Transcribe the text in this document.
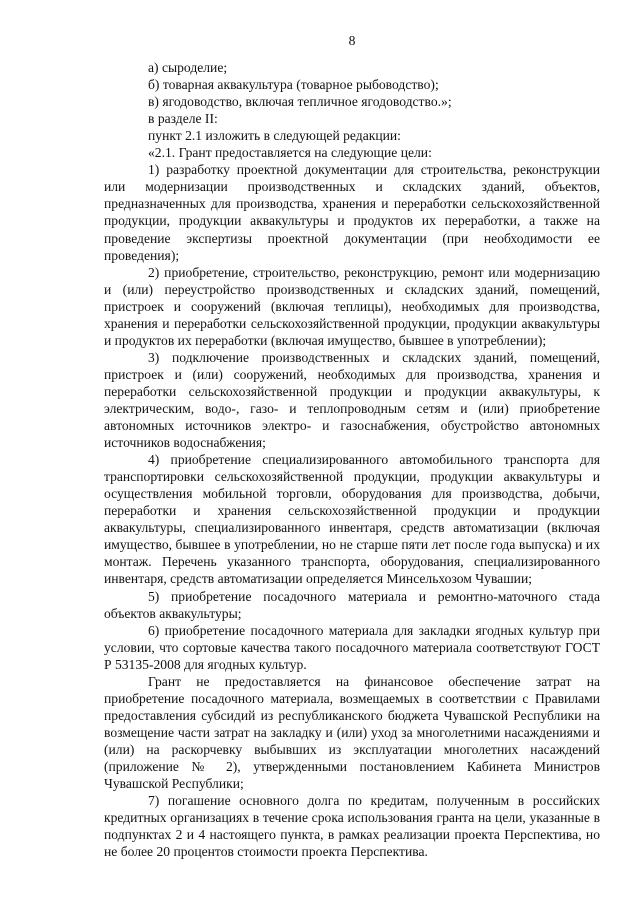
8

а) сыроделие;

б) товарная аквакультура (товарное рыбоводство);

в) ягодоводство, включая тепличное ягодоводство.»;

в разделе II:

пункт 2.1 изложить в следующей редакции:

«2.1. Грант предоставляется на следующие цели:

1) разработку проектной документации для строительства, реконструкции или модернизации производственных и складских зданий, объектов, предназначенных для производства, хранения и переработки сельскохозяйственной продукции, продукции аквакультуры и продуктов их переработки, а также на проведение экспертизы проектной документации (при необходимости ее проведения);

2) приобретение, строительство, реконструкцию, ремонт или модернизацию и (или) переустройство производственных и складских зданий, помещений, пристроек и сооружений (включая теплицы), необходимых для производства, хранения и переработки сельскохозяйственной продукции, продукции аквакультуры и продуктов их переработки (включая имущество, бывшее в употреблении);

3) подключение производственных и складских зданий, помещений, пристроек и (или) сооружений, необходимых для производства, хранения и переработки сельскохозяйственной продукции и продукции аквакультуры, к электрическим, водо-, газо- и теплопроводным сетям и (или) приобретение автономных источников электро- и газоснабжения, обустройство автономных источников водоснабжения;

4) приобретение специализированного автомобильного транспорта для транспортировки сельскохозяйственной продукции, продукции аквакультуры и осуществления мобильной торговли, оборудования для производства, добычи, переработки и хранения сельскохозяйственной продукции и продукции аквакультуры, специализированного инвентаря, средств автоматизации (включая имущество, бывшее в употреблении, но не старше пяти лет после года выпуска) и их монтаж. Перечень указанного транспорта, оборудования, специализированного инвентаря, средств автоматизации определяется Минсельхозом Чувашии;

5) приобретение посадочного материала и ремонтно-маточного стада объектов аквакультуры;

6) приобретение посадочного материала для закладки ягодных культур при условии, что сортовые качества такого посадочного материала соответствуют ГОСТ Р 53135-2008 для ягодных культур.

Грант не предоставляется на финансовое обеспечение затрат на приобретение посадочного материала, возмещаемых в соответствии с Правилами предоставления субсидий из республиканского бюджета Чувашской Республики на возмещение части затрат на закладку и (или) уход за многолетними насаждениями и (или) на раскорчевку выбывших из эксплуатации многолетних насаждений (приложение № 2), утвержденными постановлением Кабинета Министров Чувашской Республики;

7) погашение основного долга по кредитам, полученным в российских кредитных организациях в течение срока использования гранта на цели, указанные в подпунктах 2 и 4 настоящего пункта, в рамках реализации проекта Перспектива, но не более 20 процентов стоимости проекта Перспектива.
